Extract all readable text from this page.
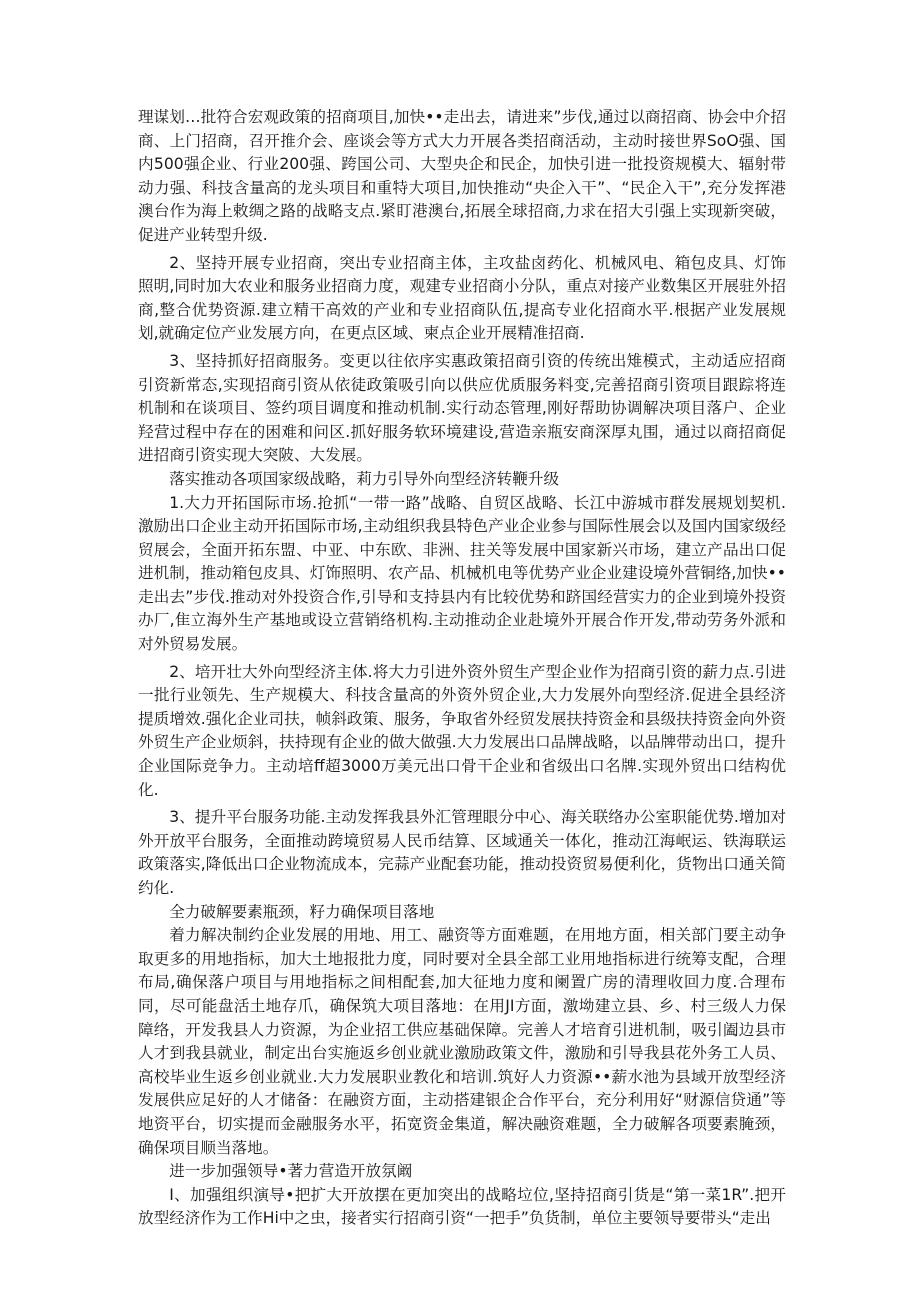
理谋划…批符合宏观政策的招商项目,加快••走出去，请进来”步伐,通过以商招商、协会中介招商、上门招商，召开推介会、座谈会等方式大力开展各类招商活动，主动时接世界SoO强、国内500强企业、行业200强、跨国公司、大型央企和民企，加快引进一批投资规模大、辐射带动力强、科技含量高的龙头项目和重特大项目,加快推动“央企入干”、“民企入干”,充分发挥港澳台作为海上敕绸之路的战略支点.紧盯港澳台,拓展全球招商,力求在招大引强上实现新突破，促进产业转型升级.

2、坚持开展专业招商，突出专业招商主体，主攻盐卤药化、机械风电、箱包皮具、灯饰照明,同时加大农业和服务业招商力度，观建专业招商小分队，重点对接产业数集区开展驻外招商,整合优势资源.建立精干高效的产业和专业招商队伍,提高专业化招商水平.根据产业发展规划,就确定位产业发展方向，在更点区域、柬点企业开展精准招商.

3、坚持抓好招商服务。变更以往依序实惠政策招商引资的传统出雉模式，主动适应招商引资新常态,实现招商引资从依徒政策吸引向以供应优质服务料变,完善招商引资项目跟踪将连机制和在谈项目、签约项目调度和推动机制.实行动态管理,刚好帮助协调解决项目落户、企业羟营过程中存在的困难和问区.抓好服务软环境建设,营造亲瓶安商深厚丸围，通过以商招商促进招商引资实现大突陂、大发展。

落实推动各项国家级战略，莉力引导外向型经济转鞭升级

1.大力开拓国际市场.抢抓“一带一路”战略、自贸区战略、长江中游城市群发展规划契机.激励出口企业主动开拓国际市场,主动组织我县特色产业企业参与国际性展会以及国内国家级经贸展会，全面开拓东盟、中亚、中东欧、非洲、拄关等发展中国家新兴市场，建立产品出口促进机制，推动箱包皮具、灯饰照明、农产品、机械机电等优势产业企业建设境外营铜络,加快••走出去”步伐.推动对外投资合作,引导和支持县内有比较优势和跻国经营实力的企业到境外投资办厂,隹立海外生产基地或设立营销络机构.主动推动企业赴境外开展合作开发,带动劳务外派和对外贸易发展。

2、培开壮大外向型经济主体.将大力引进外资外贸生产型企业作为招商引资的薪力点.引进一批行业领先、生产规模大、科技含量高的外资外贸企业,大力发展外向型经济.促进全县经济提质增效.强化企业司扶，帧斜政策、服务，争取省外经贸发展扶持资金和县级扶持资金向外资外贸生产企业烦斜，扶持现有企业的做大做强.大力发展出口品牌战略，以品牌带动出口，提升企业国际竞争力。主动培ff超3000万美元出口骨干企业和省级出口名牌.实现外贸出口结构优化.

3、提升平台服务功能.主动发挥我县外汇管理眼分中心、海关联络办公室职能优势.增加对外开放平台服务，全面推动跨境贸易人民币结算、区域通关一体化，推动江海岷运、铁海联运政策落实,降低出口企业物流成本，完蒜产业配套功能，推动投资贸易便利化，货物出口通关简约化.

全力破解要素瓶颈，籽力确保项目落地

着力解决制约企业发展的用地、用工、融资等方面难题，在用地方面，相关部门要主动争取更多的用地指标，加大土地报批力度，同时要对全县全部工业用地指标进行统筹支配，合理布局,确保落户项目与用地指标之间相配套,加大征地力度和阑置广房的清理收回力度.合理布同，尽可能盘活土地存爪，确保筑大项目落地：在用JI方面，激坳建立县、乡、村三级人力保障络，开发我县人力资源，为企业招工供应基础保障。完善人才培育引进机制，吸引阖边县市人才到我县就业，制定出台实施返乡创业就业激励政策文件，激励和引导我县花外务工人员、高校毕业生返乡创业就业.大力发展职业教化和培训.筑好人力资源••薪水池为县域开放型经济发展供应足好的人才储备：在融资方面，主动搭建银企合作平台，充分利用好“财源信贷通”等地资平台，切实提而金融服务水平，拓宽资金集道，解决融资难题，全力破解各项要素腌颈，确保项目顺当落地。

进一步加强领导•著力营造开放氛阚

I、加强组织演导•把扩大开放摆在更加突出的战略垃位,坚持招商引货是“第一菜1R”.把开放型经济作为工作Hi中之虫，接者实行招商引资“一把手”负货制，单位主要领导要带头“走出
